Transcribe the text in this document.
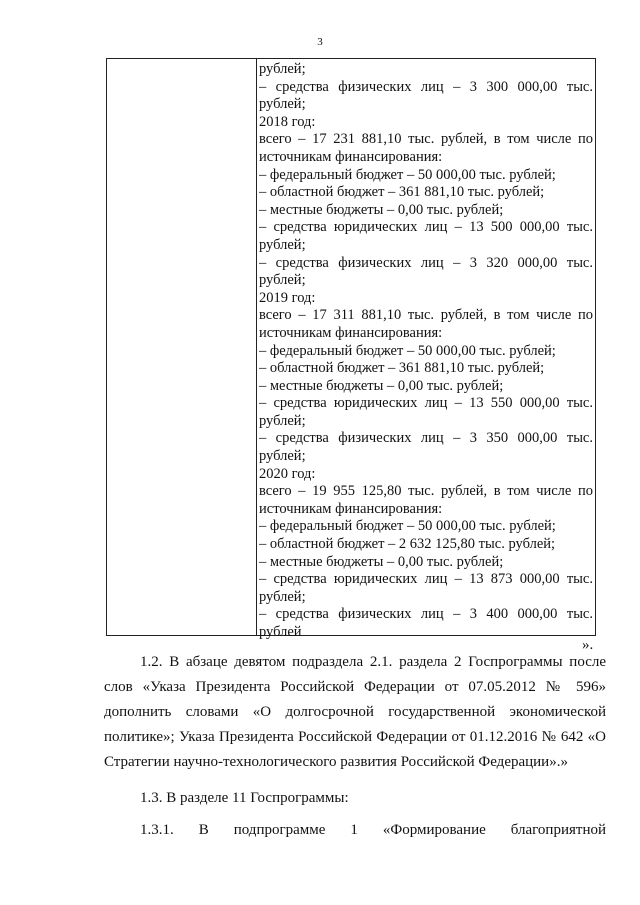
3
рублей;
– средства физических лиц – 3 300 000,00 тыс.
рублей;
2018 год:
всего – 17 231 881,10 тыс. рублей, в том числе по
источникам финансирования:
– федеральный бюджет – 50 000,00 тыс. рублей;
– областной бюджет – 361 881,10 тыс. рублей;
– местные бюджеты – 0,00 тыс. рублей;
– средства юридических лиц – 13 500 000,00 тыс.
рублей;
– средства физических лиц – 3 320 000,00 тыс.
рублей;
2019 год:
всего – 17 311 881,10 тыс. рублей, в том числе по
источникам финансирования:
– федеральный бюджет – 50 000,00 тыс. рублей;
– областной бюджет – 361 881,10 тыс. рублей;
– местные бюджеты – 0,00 тыс. рублей;
– средства юридических лиц – 13 550 000,00 тыс.
рублей;
– средства физических лиц – 3 350 000,00 тыс.
рублей;
2020 год:
всего – 19 955 125,80 тыс. рублей, в том числе по
источникам финансирования:
– федеральный бюджет – 50 000,00 тыс. рублей;
– областной бюджет – 2 632 125,80 тыс. рублей;
– местные бюджеты – 0,00 тыс. рублей;
– средства юридических лиц – 13 873 000,00 тыс.
рублей;
– средства физических лиц – 3 400 000,00 тыс.
рублей
».
1.2. В абзаце девятом подраздела 2.1. раздела 2 Госпрограммы после
слов «Указа Президента Российской Федерации от 07.05.2012 № 596»
дополнить словами «О долгосрочной государственной экономической
политике»; Указа Президента Российской Федерации от 01.12.2016 № 642 «О
Стратегии научно-технологического развития Российской Федерации».»
1.3. В разделе 11 Госпрограммы:
1.3.1. В подпрограмме 1 «Формирование благоприятной
